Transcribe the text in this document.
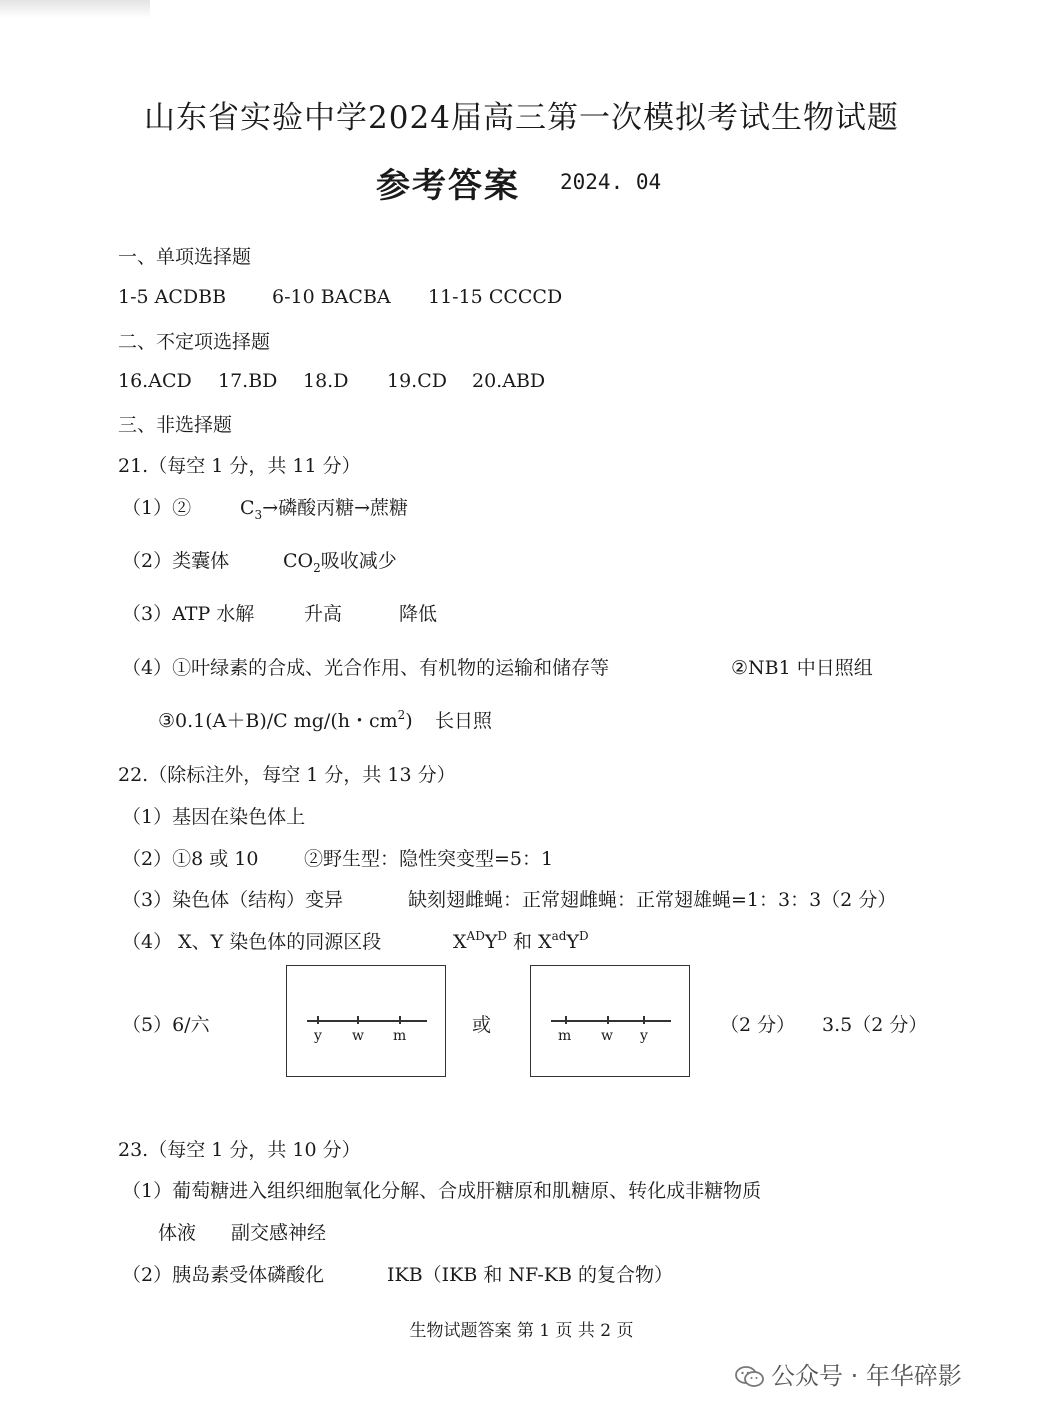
山东省实验中学2024届高三第一次模拟考试生物试题
参考答案 2024. 04
一、单项选择题
1-5 ACDBB 6-10 BACBA 11-15 CCCCD
二、不定项选择题
16.ACD 17.BD 18.D 19.CD 20.ABD
三、非选择题
21.（每空 1 分，共 11 分）
（1）②	$C_3\to$磷酸丙糖→蔗糖
（2）类囊体	$CO_2$吸收减少
（3）ATP 水解	升高	降低
（4）①叶绿素的合成、光合作用、有机物的运输和储存等	②NB1 中日照组
③0.1(A＋B)/C mg/(h・$cm^2$) 长日照
22.（除标注外，每空 1 分，共 13 分）
（1）基因在染色体上
（2）①8 或 10 ②野生型：隐性突变型=5：1
（3）染色体（结构）变异	缺刻翅雌蝇：正常翅雌蝇：正常翅雄蝇=1：3：3（2 分）
（4） X、Y 染色体的同源区段	$X^{AD}Y^D$ 和 $X^{ad}Y^D$
（5）6/六	y w m	或	m w y	（2 分） 3.5（2 分）
23.（每空 1 分，共 10 分）
（1）葡萄糖进入组织细胞氧化分解、合成肝糖原和肌糖原、转化成非糖物质
体液 副交感神经
（2）胰岛素受体磷酸化	IKB（IKB 和 NF-KB 的复合物）
生物试题答案 第 1 页 共 2 页
公众号 · 年华碎影
